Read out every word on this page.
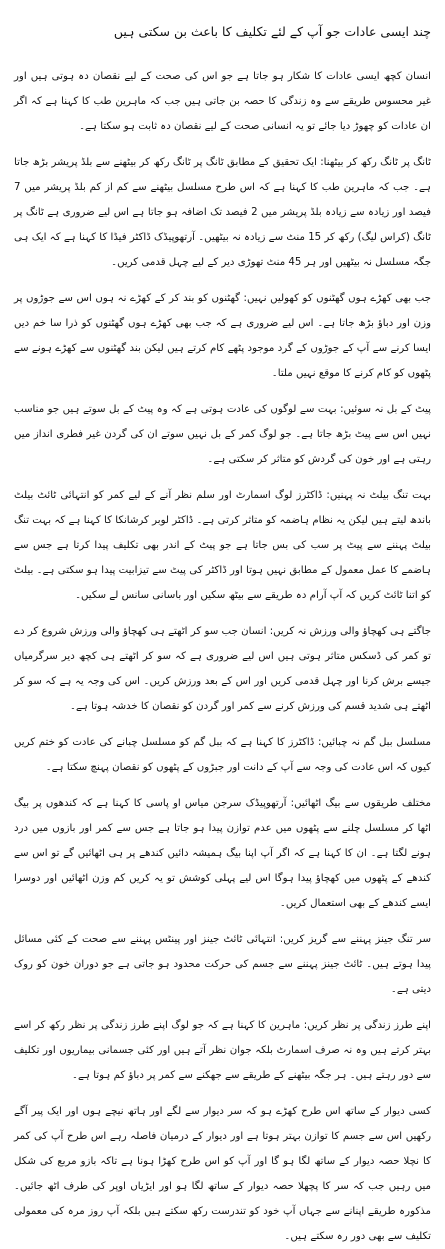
چند ایسی عادات جو آپ کے لئے تکلیف کا باعث بن سکتی ہیں

انسان کچھ ایسی عادات کا شکار ہو جاتا ہے جو اس کی صحت کے لیے نقصان دہ ہوتی ہیں اور غیر محسوس طریقے سے وہ زندگی کا حصہ بن جاتی ہیں جب کہ ماہرین طب کا کہنا ہے کہ اگر ان عادات کو چھوڑ دیا جائے تو یہ انسانی صحت کے لیے نقصان دہ ثابت ہو سکتا ہے۔

ٹانگ پر ٹانگ رکھ کر بیٹھنا: ایک تحقیق کے مطابق ٹانگ پر ٹانگ رکھ کر بیٹھنے سے بلڈ پریشر بڑھ جاتا ہے۔ جب کہ ماہرین طب کا کہنا ہے کہ اس طرح مسلسل بیٹھنے سے کم از کم بلڈ پریشر میں 7 فیصد اور زیادہ سے زیادہ بلڈ پریشر میں 2 فیصد تک اضافہ ہو جاتا ہے اس لیے ضروری ہے ٹانگ پر ٹانگ (کراس لیگ) رکھ کر 15 منٹ سے زیادہ نہ بیٹھیں۔ آرتھوپیڈک ڈاکٹر فیڈا کا کہنا ہے کہ ایک ہی جگہ مسلسل نہ بیٹھیں اور ہر 45 منٹ تھوڑی دیر کے لیے چہل قدمی کریں۔

جب بھی کھڑے ہوں گھٹنوں کو کھولیں نہیں: گھٹنوں کو بند کر کے کھڑے نہ ہوں اس سے جوڑوں پر وزن اور دباؤ بڑھ جاتا ہے۔ اس لیے ضروری ہے کہ جب بھی کھڑے ہوں گھٹنوں کو ذرا سا خم دیں ایسا کرنے سے آپ کے جوڑوں کے گرد موجود پٹھے کام کرتے ہیں لیکن بند گھٹنوں سے کھڑے ہونے سے پٹھوں کو کام کرنے کا موقع نہیں ملتا۔

پیٹ کے بل نہ سوئیں: بہت سے لوگوں کی عادت ہوتی ہے کہ وہ پیٹ کے بل سوتے ہیں جو مناسب نہیں اس سے پیٹ بڑھ جاتا ہے۔ جو لوگ کمر کے بل نہیں سوتے ان کی گردن غیر فطری انداز میں رہتی ہے اور خون کی گردش کو متاثر کر سکتی ہے۔

بہت تنگ بیلٹ نہ پہنیں: ڈاکٹرز لوگ اسمارٹ اور سلم نظر آنے کے لیے کمر کو انتہائی ٹائٹ بیلٹ باندھ لیتے ہیں لیکن یہ نظام ہاضمہ کو متاثر کرتی ہے۔ ڈاکٹر لوبر کرشانکا کا کہنا ہے کہ بہت تنگ بیلٹ پہننے سے پیٹ پر سب کی بس جاتا ہے جو پیٹ کے اندر بھی تکلیف پیدا کرتا ہے جس سے ہاضمے کا عمل معمول کے مطابق نہیں ہوتا اور ڈاکٹر کی پیٹ سے تیزابیت پیدا ہو سکتی ہے۔ بیلٹ کو اتنا ٹائٹ کریں کہ آپ آرام دہ طریقے سے بیٹھ سکیں اور باسانی سانس لے سکیں۔

جاگتے ہی کھچاؤ والی ورزش نہ کریں: انسان جب سو کر اٹھتے ہی کھچاؤ والی ورزش شروع کر دے تو کمر کی ڈسکس متاثر ہوتی ہیں اس لیے ضروری ہے کہ سو کر اٹھتے ہی کچھ دیر سرگرمیاں جیسے برش کرنا اور چہل قدمی کریں اور اس کے بعد ورزش کریں۔ اس کی وجہ یہ ہے کہ سو کر اٹھتے ہی شدید قسم کی ورزش کرنے سے کمر اور گردن کو نقصان کا خدشہ ہوتا ہے۔

مسلسل ببل گم نہ چبائیں: ڈاکٹرز کا کہنا ہے کہ ببل گم کو مسلسل چبانے کی عادت کو ختم کریں کیوں کہ اس عادت کی وجہ سے آپ کے دانت اور جبڑوں کے پٹھوں کو نقصان پہنچ سکتا ہے۔

مختلف طریقوں سے بیگ اٹھائیں: آرتھوپیڈک سرجن میاس او پاسی کا کہنا ہے کہ کندھوں پر بیگ اٹھا کر مسلسل چلنے سے پٹھوں میں عدم توازن پیدا ہو جاتا ہے جس سے کمر اور بازوں میں درد ہونے لگتا ہے۔ ان کا کہنا ہے کہ اگر آپ اپنا بیگ ہمیشہ دائیں کندھے پر ہی اٹھائیں گے تو اس سے کندھے کے پٹھوں میں کھچاؤ پیدا ہوگا اس لیے پہلی کوشش تو یہ کریں کم وزن اٹھائیں اور دوسرا ایسے کندھے کے بھی استعمال کریں۔

سر تنگ جینز پہننے سے گریز کریں: انتہائی ٹائٹ جینز اور پینٹس پہننے سے صحت کے کئی مسائل پیدا ہوتے ہیں۔ ٹائٹ جینز پہننے سے جسم کی حرکت محدود ہو جاتی ہے جو دوران خون کو روک دیتی ہے۔

اپنے طرز زندگی پر نظر کریں: ماہرین کا کہنا ہے کہ جو لوگ اپنے طرز زندگی پر نظر رکھ کر اسے بہتر کرتے ہیں وہ نہ صرف اسمارٹ بلکہ جوان نظر آتے ہیں اور کئی جسمانی بیماریوں اور تکلیف سے دور رہتے ہیں۔ ہر جگہ بیٹھنے کے طریقے سے جھکنے سے کمر پر دباؤ کم ہوتا ہے۔

کسی دیوار کے ساتھ اس طرح کھڑے ہو کہ سر دیوار سے لگے اور ہاتھ نیچے ہوں اور ایک پیر آگے رکھیں اس سے جسم کا توازن بہتر ہوتا ہے اور دیوار کے درمیان فاصلہ رہے اس طرح آپ کی کمر کا نچلا حصہ دیوار کے ساتھ لگا ہو گا اور آپ کو اس طرح کھڑا ہونا ہے تاکہ بازو مربع کی شکل میں رہیں جب کہ سر کا پچھلا حصہ دیوار کے ساتھ لگا ہو اور ایڑیاں اوپر کی طرف اٹھ جائیں۔ مذکورہ طریقے اپنانے سے جہاں آپ خود کو تندرست رکھ سکتے ہیں بلکہ آپ روز مرہ کی معمولی تکلیف سے بھی دور رہ سکتے ہیں۔
